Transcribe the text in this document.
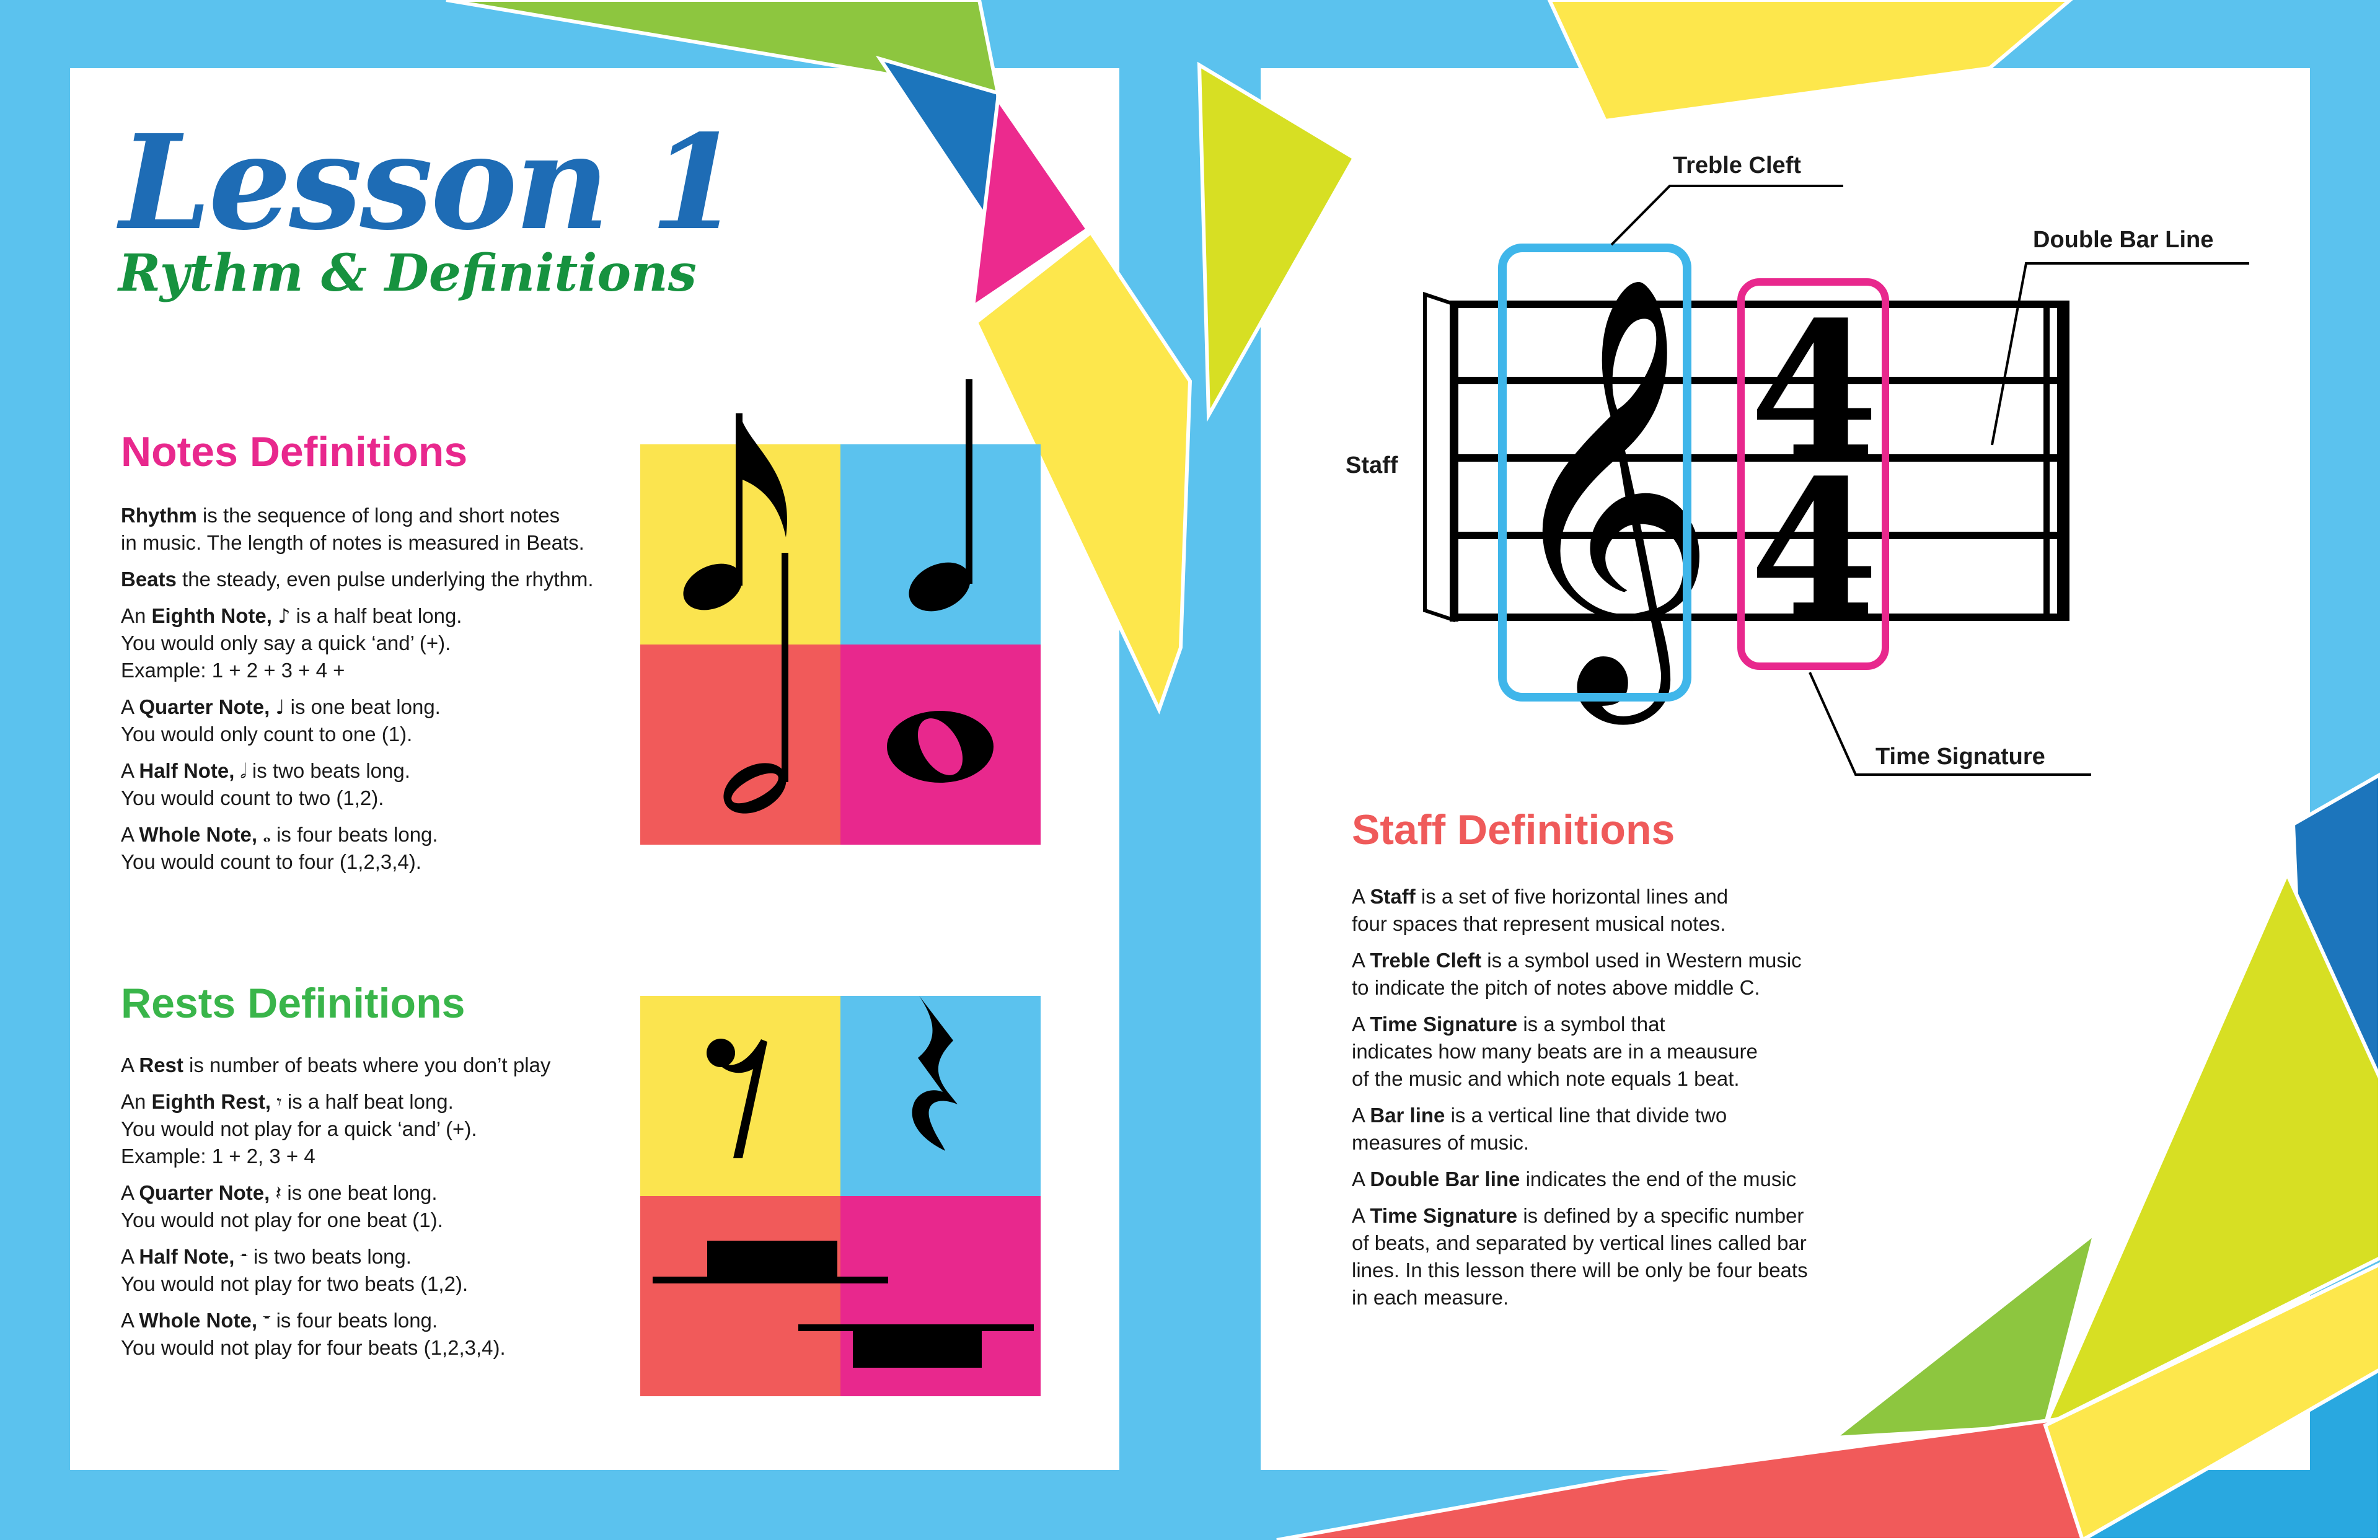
Lesson 1
Rythm & Definitions
Notes Definitions

Rhythm is the sequence of long and short notes
in music. The length of notes is measured in Beats.

Beats the steady, even pulse underlying the rhythm.

An Eighth Note, ♪ is a half beat long.
You would only say a quick ‘and’ (+).
Example: 1 + 2 + 3 + 4 +

A Quarter Note, ♩ is one beat long.
You would only count to one (1).

A Half Note, 𝅗𝅥 is two beats long.
You would count to two (1,2).

A Whole Note, 𝅝 is four beats long.
You would count to four (1,2,3,4).

Rests Definitions

A Rest is number of beats where you don’t play

An Eighth Rest, 𝄾 is a half beat long.
You would not play for a quick ‘and’ (+).
Example: 1 + 2, 3 + 4

A Quarter Note, 𝄽 is one beat long.
You would not play for one beat (1).

A Half Note, 𝄼 is two beats long.
You would not play for two beats (1,2).

A Whole Note, 𝄻 is four beats long.
You would not play for four beats (1,2,3,4).

𝄞 4
4

Treble Cleft

Double Bar Line

Staff

Time Signature

Staff Definitions

A Staff is a set of five horizontal lines and
four spaces that represent musical notes.

A Treble Cleft is a symbol used in Western music
to indicate the pitch of notes above middle C.

A Time Signature is a symbol that
indicates how many beats are in a meausure
of the music and which note equals 1 beat.

A Bar line is a vertical line that divide two
measures of music.

A Double Bar line indicates the end of the music

A Time Signature is defined by a specific number
of beats, and separated by vertical lines called bar
lines. In this lesson there will be only be four beats
in each measure.
